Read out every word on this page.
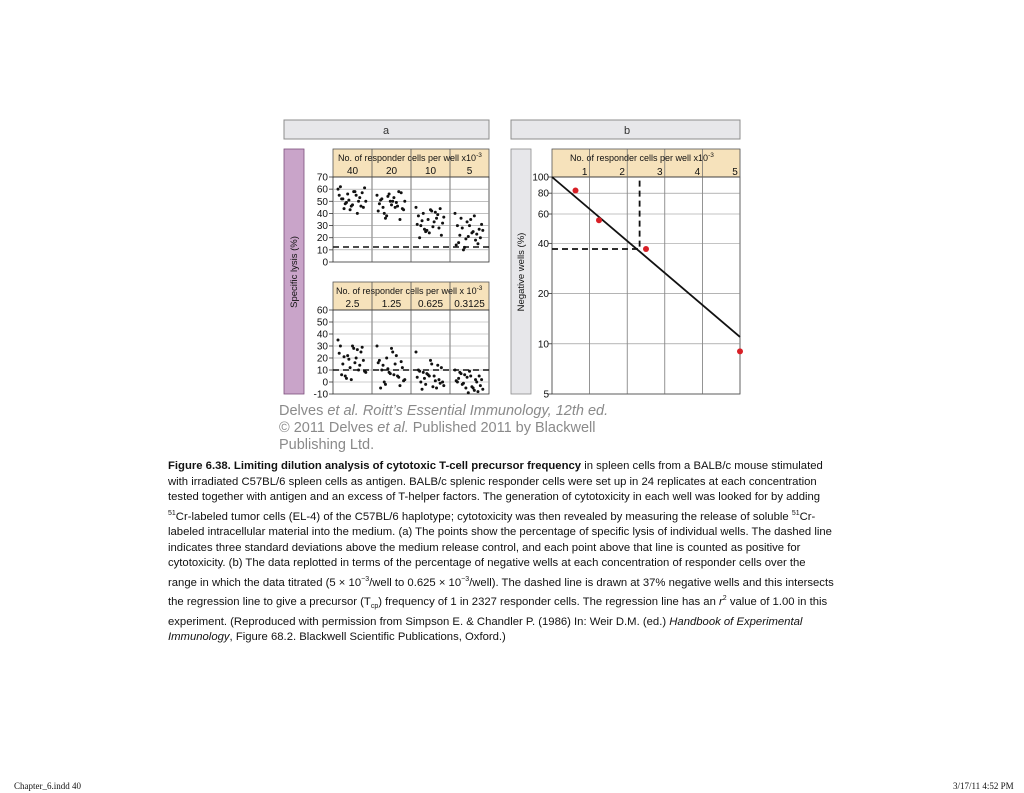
a	b
Specific lysis (%)	Negative wells (%)
No. of responder cells per well $x10^{-3}$
40	20	10	5
70
60
50
40
30
20
10
0
No. of responder cells per well x $10^{-3}$
2.5 1.25 0.625 0.3125
60
50
40
30
20
10
0
-10
No. of responder cells per well $x10^{-3}$
1	2	3	4	5
100
80
60
40
20
10
5
Delves et al. Roitt’s Essential Immunology, 12th ed.
© 2011 Delves et al. Published 2011 by Blackwell
Publishing Ltd.
Figure 6.38. Limiting dilution analysis of cytotoxic T-cell precursor frequency in spleen cells from a BALB/c mouse stimulated
with irradiated C57BL/6 spleen cells as antigen. BALB/c splenic responder cells were set up in 24 replicates at each concentration
tested together with antigen and an excess of T-helper factors. The generation of cytotoxicity in each well was looked for by adding
$^{51}$Cr-labeled tumor cells (EL-4) of the C57BL/6 haplotype; cytotoxicity was then revealed by measuring the release of soluble $^{51}$Cr-
labeled intracellular material into the medium. (a) The points show the percentage of specific lysis of individual wells. The dashed line
indicates three standard deviations above the medium release control, and each point above that line is counted as positive for
cytotoxicity. (b) The data replotted in terms of the percentage of negative wells at each concentration of responder cells over the
range in which the data titrated ($5 \times 10^{-3}$/well to $0.625 \times 10^{-3}/well$). The dashed line is drawn at 37% negative wells and this intersects
the regression line to give a precursor $(T_{cp})$ frequency of 1 in 2327 responder cells. The regression line has an $r^2$ value of 1.00 in this
experiment. (Reproduced with permission from Simpson E. & Chandler P. (1986) In: Weir D.M. (ed.) Handbook of Experimental
Immunology, Figure 68.2. Blackwell Scientific Publications, Oxford.)
Chapter_6.indd 40	3/17/11 4:52 PM
